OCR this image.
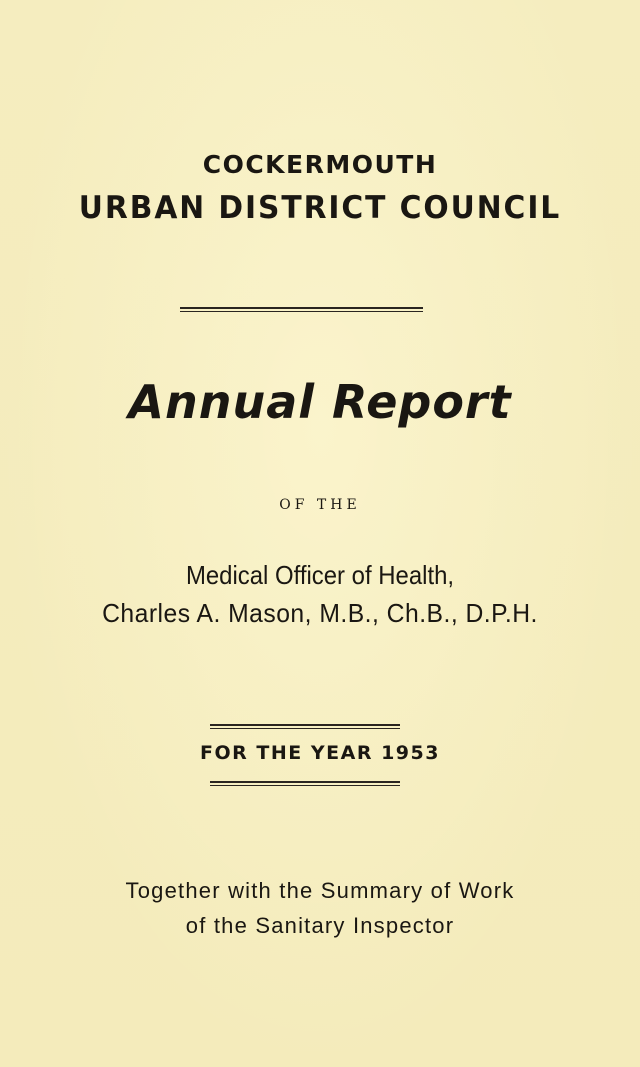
COCKERMOUTH
URBAN DISTRICT COUNCIL
Annual Report
OF THE
Medical Officer of Health,
Charles A. Mason, M.B., Ch.B., D.P.H.
FOR THE YEAR 1953
Together with the Summary of Work
of the Sanitary Inspector
